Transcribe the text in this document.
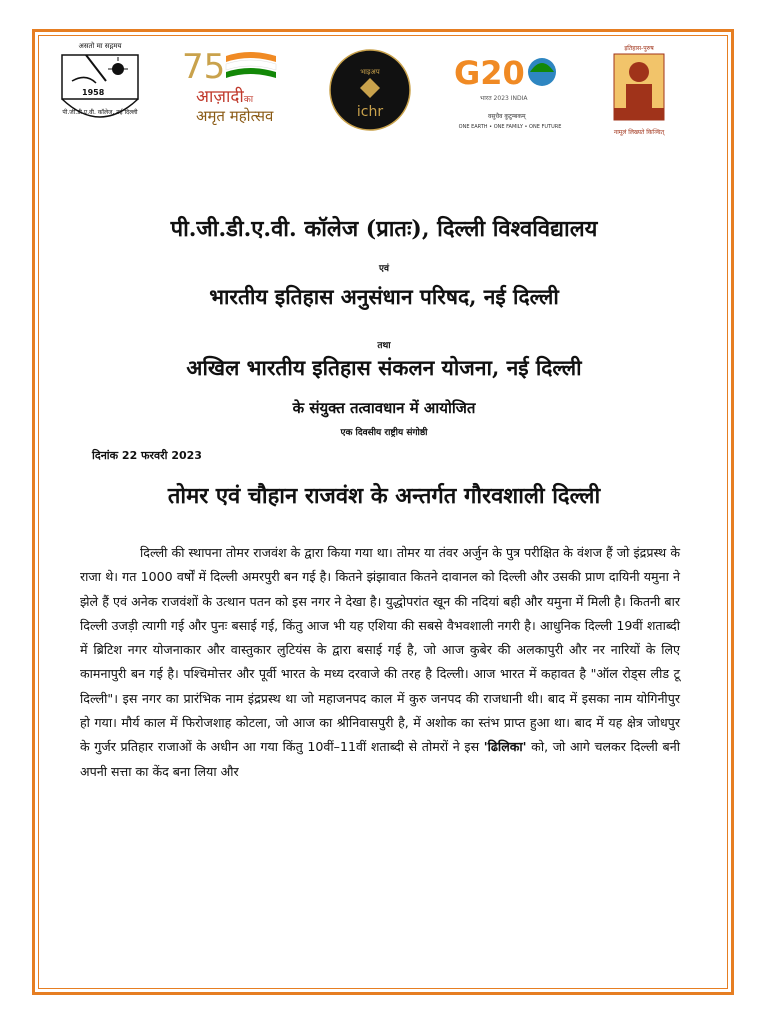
असतो मा सद्गमय
1958
पी.जी.डी.ए.वी. कॉलेज, नई दिल्ली
75
आज़ादीका
अमृत महोत्सव	ichr
भाइअप G20
भारत 2023 INDIA
वसुधैव कुटुम्बकम्
ONE EARTH • ONE FAMILY • ONE FUTURE
इतिहास-पुरुष
नामूलं लिख्यते किञ्चित्
पी.जी.डी.ए.वी. कॉलेज (प्रातः), दिल्ली विश्वविद्यालय
एवं
भारतीय इतिहास अनुसंधान परिषद, नई दिल्ली
तथा
अखिल भारतीय इतिहास संकलन योजना, नई दिल्ली
के संयुक्त तत्वावधान में आयोजित
एक दिवसीय राष्ट्रीय संगोष्ठी
दिनांक 22 फरवरी 2023
तोमर एवं चौहान राजवंश के अन्तर्गत गौरवशाली दिल्ली
दिल्ली की स्थापना तोमर राजवंश के द्वारा किया गया था। तोमर या तंवर अर्जुन के पुत्र परीक्षित के वंशज हैं जो इंद्रप्रस्थ के राजा थे। गत 1000 वर्षों में दिल्ली अमरपुरी बन गई है। कितने झंझावात कितने दावानल को दिल्ली और उसकी प्राण दायिनी यमुना ने झेले हैं एवं अनेक राजवंशों के उत्थान पतन को इस नगर ने देखा है। युद्धोपरांत खून की नदियां बही और यमुना में मिली है। कितनी बार दिल्ली उजड़ी त्यागी गई और पुनः बसाई गई, किंतु आज भी यह एशिया की सबसे वैभवशाली नगरी है। आधुनिक दिल्ली 19वीं शताब्दी में ब्रिटिश नगर योजनाकार और वास्तुकार लुटियंस के द्वारा बसाई गई है, जो आज कुबेर की अलकापुरी और नर नारियों के लिए कामनापुरी बन गई है। पश्चिमोत्तर और पूर्वी भारत के मध्य दरवाजे की तरह है दिल्ली। आज भारत में कहावत है "ऑल रोड्स लीड टू दिल्ली"। इस नगर का प्रारंभिक नाम इंद्रप्रस्थ था जो महाजनपद काल में कुरु जनपद की राजधानी थी। बाद में इसका नाम योगिनीपुर हो गया। मौर्य काल में फिरोजशाह कोटला, जो आज का श्रीनिवासपुरी है, में अशोक का स्तंभ प्राप्त हुआ था। बाद में यह क्षेत्र जोधपुर के गुर्जर प्रतिहार राजाओं के अधीन आ गया किंतु 10वीं–11वीं शताब्दी से तोमरों ने इस 'ढिलिका' को, जो आगे चलकर दिल्ली बनी अपनी सत्ता का केंद बना लिया और
